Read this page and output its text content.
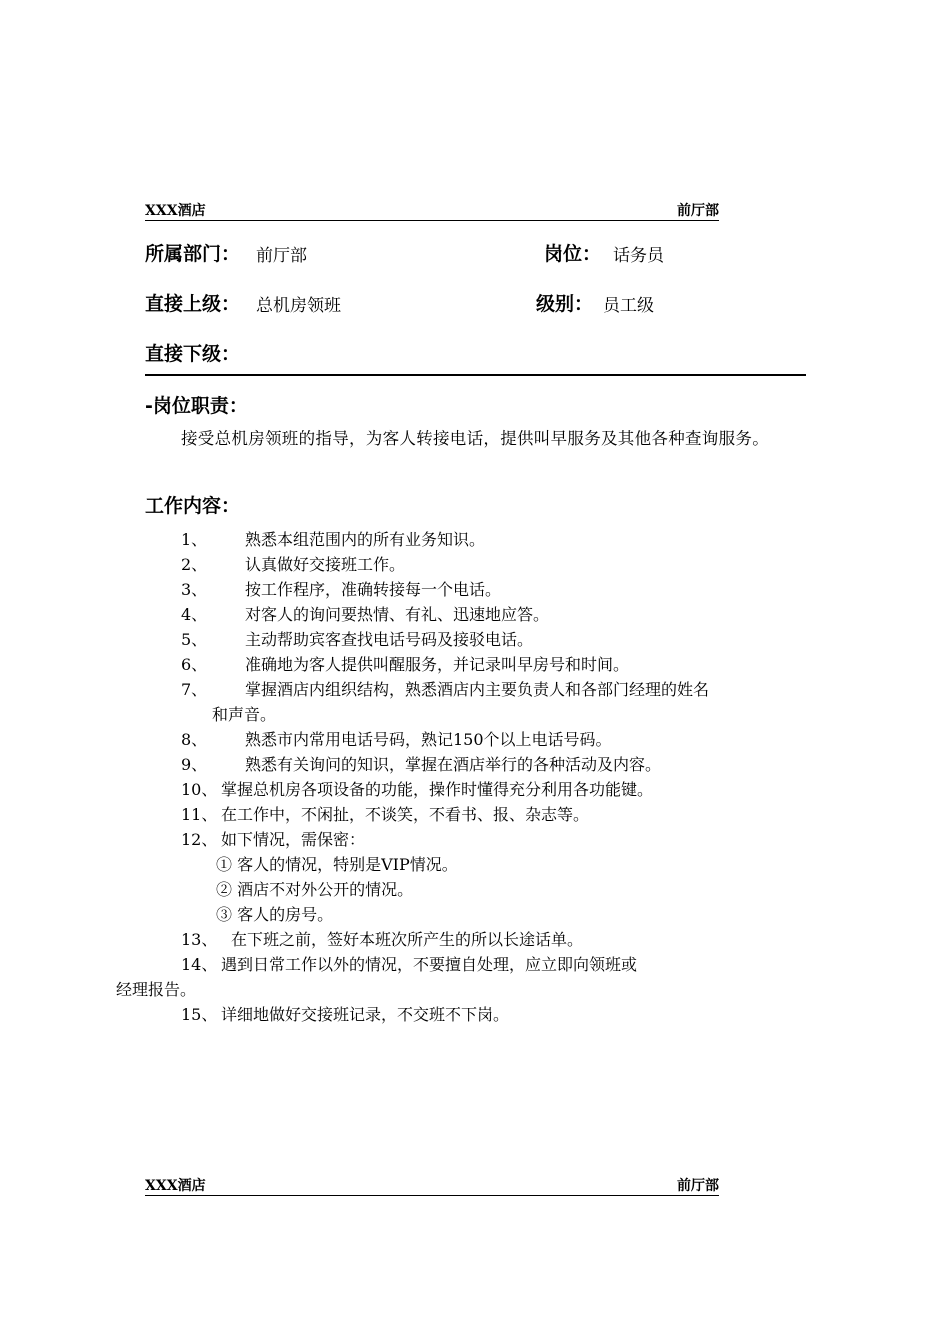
XXX酒店	前厅部
所属部门： 前厅部	岗位： 话务员
直接上级： 总机房领班	级别： 员工级
直接下级：
-岗位职责：
接受总机房领班的指导，为客人转接电话，提供叫早服务及其他各种查询服务。
工作内容：
1、 熟悉本组范围内的所有业务知识。
2、 认真做好交接班工作。
3、 按工作程序，准确转接每一个电话。
4、 对客人的询问要热情、有礼、迅速地应答。
5、 主动帮助宾客查找电话号码及接驳电话。
6、 准确地为客人提供叫醒服务，并记录叫早房号和时间。
7、 掌握酒店内组织结构，熟悉酒店内主要负责人和各部门经理的姓名
和声音。
8、 熟悉市内常用电话号码，熟记150个以上电话号码。
9、 熟悉有关询问的知识，掌握在酒店举行的各种活动及内容。
10、 掌握总机房各项设备的功能，操作时懂得充分利用各功能键。
11、 在工作中，不闲扯，不谈笑，不看书、报、杂志等。
12、 如下情况，需保密：
① 客人的情况，特别是VIP情况。
② 酒店不对外公开的情况。
③ 客人的房号。
13、 在下班之前，签好本班次所产生的所以长途话单。
14、 遇到日常工作以外的情况，不要擅自处理，应立即向领班或
经理报告。
15、 详细地做好交接班记录，不交班不下岗。
XXX酒店	前厅部
